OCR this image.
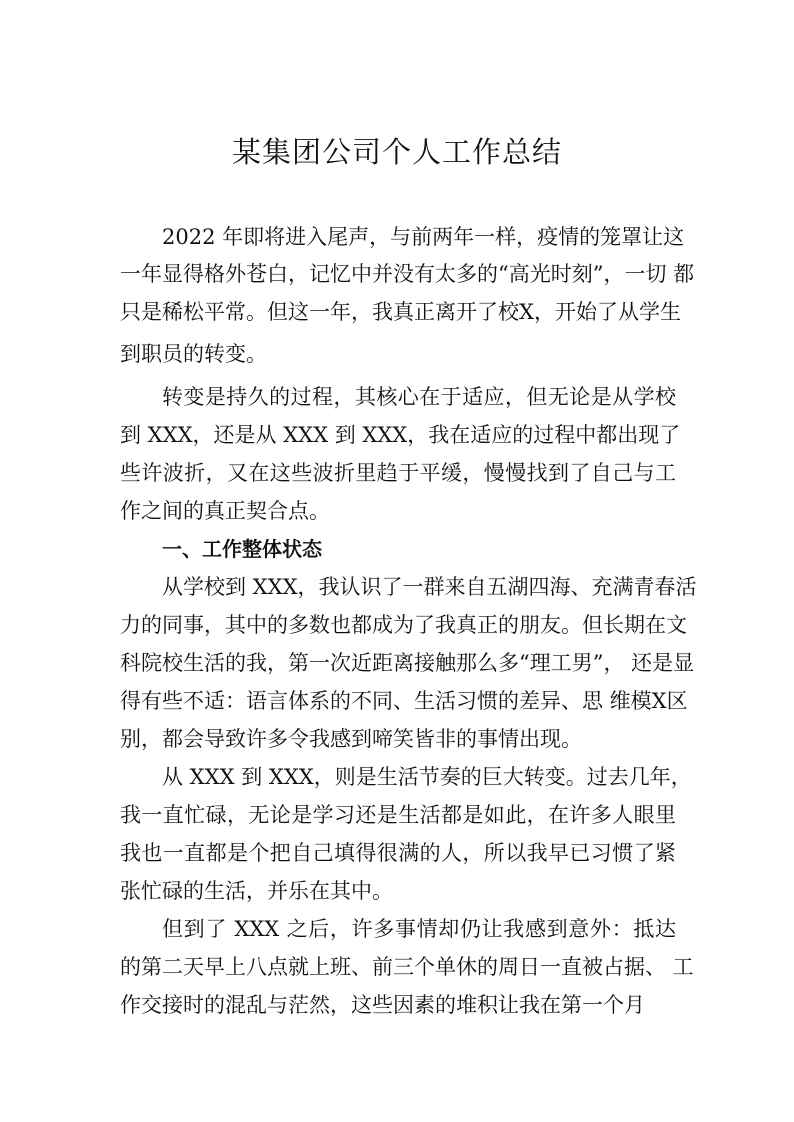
某集团公司个人工作总结
2022 年即将进入尾声，与前两年一样，疫情的笼罩让这
一年显得格外苍白，记忆中并没有太多的“高光时刻”，一切 都
只是稀松平常。但这一年，我真正离开了校X，开始了从学生
到职员的转变。
转变是持久的过程，其核心在于适应，但无论是从学校
到 XXX，还是从 XXX 到 XXX，我在适应的过程中都出现了
些许波折，又在这些波折里趋于平缓，慢慢找到了自己与工
作之间的真正契合点。
一、工作整体状态
从学校到 XXX，我认识了一群来自五湖四海、充满青春活
力的同事，其中的多数也都成为了我真正的朋友。但长期在文
科院校生活的我，第一次近距离接触那么多“理工男”， 还是显
得有些不适：语言体系的不同、生活习惯的差异、思 维模X区
别，都会导致许多令我感到啼笑皆非的事情出现。
从 XXX 到 XXX，则是生活节奏的巨大转变。过去几年，
我一直忙碌，无论是学习还是生活都是如此，在许多人眼里
我也一直都是个把自己填得很满的人，所以我早已习惯了紧
张忙碌的生活，并乐在其中。
但到了 XXX 之后，许多事情却仍让我感到意外：抵达
的第二天早上八点就上班、前三个单休的周日一直被占据、 工
作交接时的混乱与茫然，这些因素的堆积让我在第一个月
